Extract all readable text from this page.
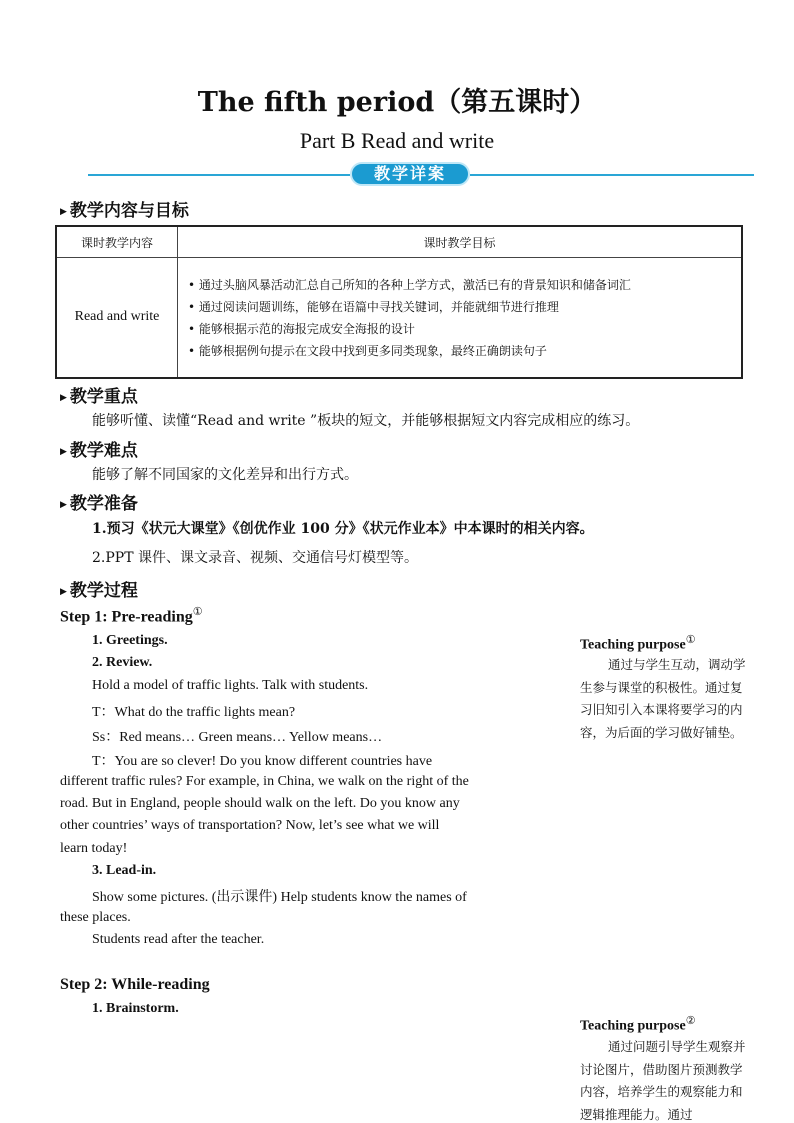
The fifth period（第五课时）
Part B Read and write
教学详案
▶ 教学内容与目标
课时教学内容	课时教学目标
Read and write	• 通过头脑风暴活动汇总自己所知的各种上学方式，激活已有的背景知识和储备词汇
• 通过阅读问题训练，能够在语篇中寻找关键词，并能就细节进行推理
• 能够根据示范的海报完成安全海报的设计
• 能够根据例句提示在文段中找到更多同类现象，最终正确朗读句子
▶ 教学重点
能够听懂、读懂“Read and write ”板块的短文，并能够根据短文内容完成相应的练习。
▶ 教学难点
能够了解不同国家的文化差异和出行方式。
▶ 教学准备
1.预习《状元大课堂》《创优作业 100 分》《状元作业本》中本课时的相关内容。
2.PPT 课件、课文录音、视频、交通信号灯模型等。
▶ 教学过程
Step 1: Pre-reading①
1. Greetings.
2. Review.
Hold a model of traffic lights. Talk with students.
T：What do the traffic lights mean?
Ss：Red means… Green means… Yellow means…
T：You are so clever! Do you know different countries have
different traffic rules? For example, in China, we walk on the right of the
road. But in England, people should walk on the left. Do you know any
other countries’ ways of transportation? Now, let’s see what we will
learn today!
3. Lead-in.
Show some pictures. (出示课件) Help students know the names of
these places.
Students read after the teacher.
Step 2: While-reading
1. Brainstorm.
Teaching purpose①
通过与学生互动，调动学生参与课堂的积极性。通过复习旧知引入本课将要学习的内容，为后面的学习做好铺垫。
Teaching purpose②
通过问题引导学生观察并讨论图片，借助图片预测教学内容，培养学生的观察能力和逻辑推理能力。通过
